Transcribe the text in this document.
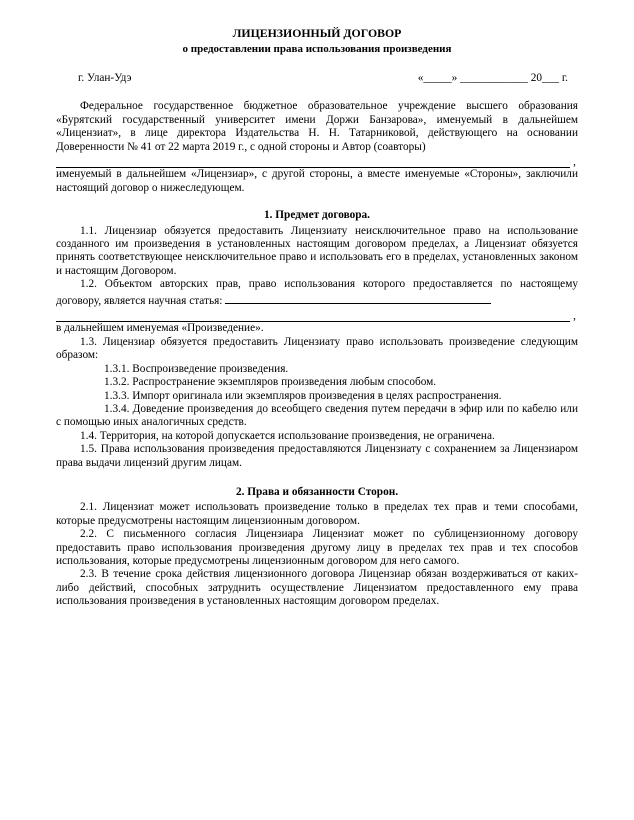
ЛИЦЕНЗИОННЫЙ ДОГОВОР

о предоставлении права использования произведения

г. Улан-Удэ	«_____» ____________ 20___ г.

Федеральное государственное бюджетное образовательное учреждение высшего образования «Бурятский государственный университет имени Доржи Банзарова», именуемый в дальнейшем «Лицензиат», в лице директора Издательства Н. Н. Татарниковой, действующего на основании Доверенности № 41 от 22 марта 2019 г., с одной стороны и Автор (соавторы)

,

именуемый в дальнейшем «Лицензиар», с другой стороны, а вместе именуемые «Стороны», заключили настоящий договор о нижеследующем.

1. Предмет договора.

1.1. Лицензиар обязуется предоставить Лицензиату неисключительное право на использование созданного им произведения в установленных настоящим договором пределах, а Лицензиат обязуется принять соответствующее неисключительное право и использовать его в пределах, установленных законом и настоящим Договором.

1.2. Объектом авторских прав, право использования которого предоставляется по настоящему договору, является научная статья:

,

в дальнейшем именуемая «Произведение».

1.3. Лицензиар обязуется предоставить Лицензиату право использовать произведение следующим образом:

1.3.1. Воспроизведение произведения.

1.3.2. Распространение экземпляров произведения любым способом.

1.3.3. Импорт оригинала или экземпляров произведения в целях распространения.

1.3.4. Доведение произведения до всеобщего сведения путем передачи в эфир или по кабелю или с помощью иных аналогичных средств.

1.4. Территория, на которой допускается использование произведения, не ограничена.

1.5. Права использования произведения предоставляются Лицензиату с сохранением за Лицензиаром права выдачи лицензий другим лицам.

2. Права и обязанности Сторон.

2.1. Лицензиат может использовать произведение только в пределах тех прав и теми способами, которые предусмотрены настоящим лицензионным договором.

2.2. С письменного согласия Лицензиара Лицензиат может по сублицензионному договору предоставить право использования произведения другому лицу в пределах тех прав и тех способов использования, которые предусмотрены лицензионным договором для него самого.

2.3. В течение срока действия лицензионного договора Лицензиар обязан воздерживаться от каких-либо действий, способных затруднить осуществление Лицензиатом предоставленного ему права использования произведения в установленных настоящим договором пределах.
